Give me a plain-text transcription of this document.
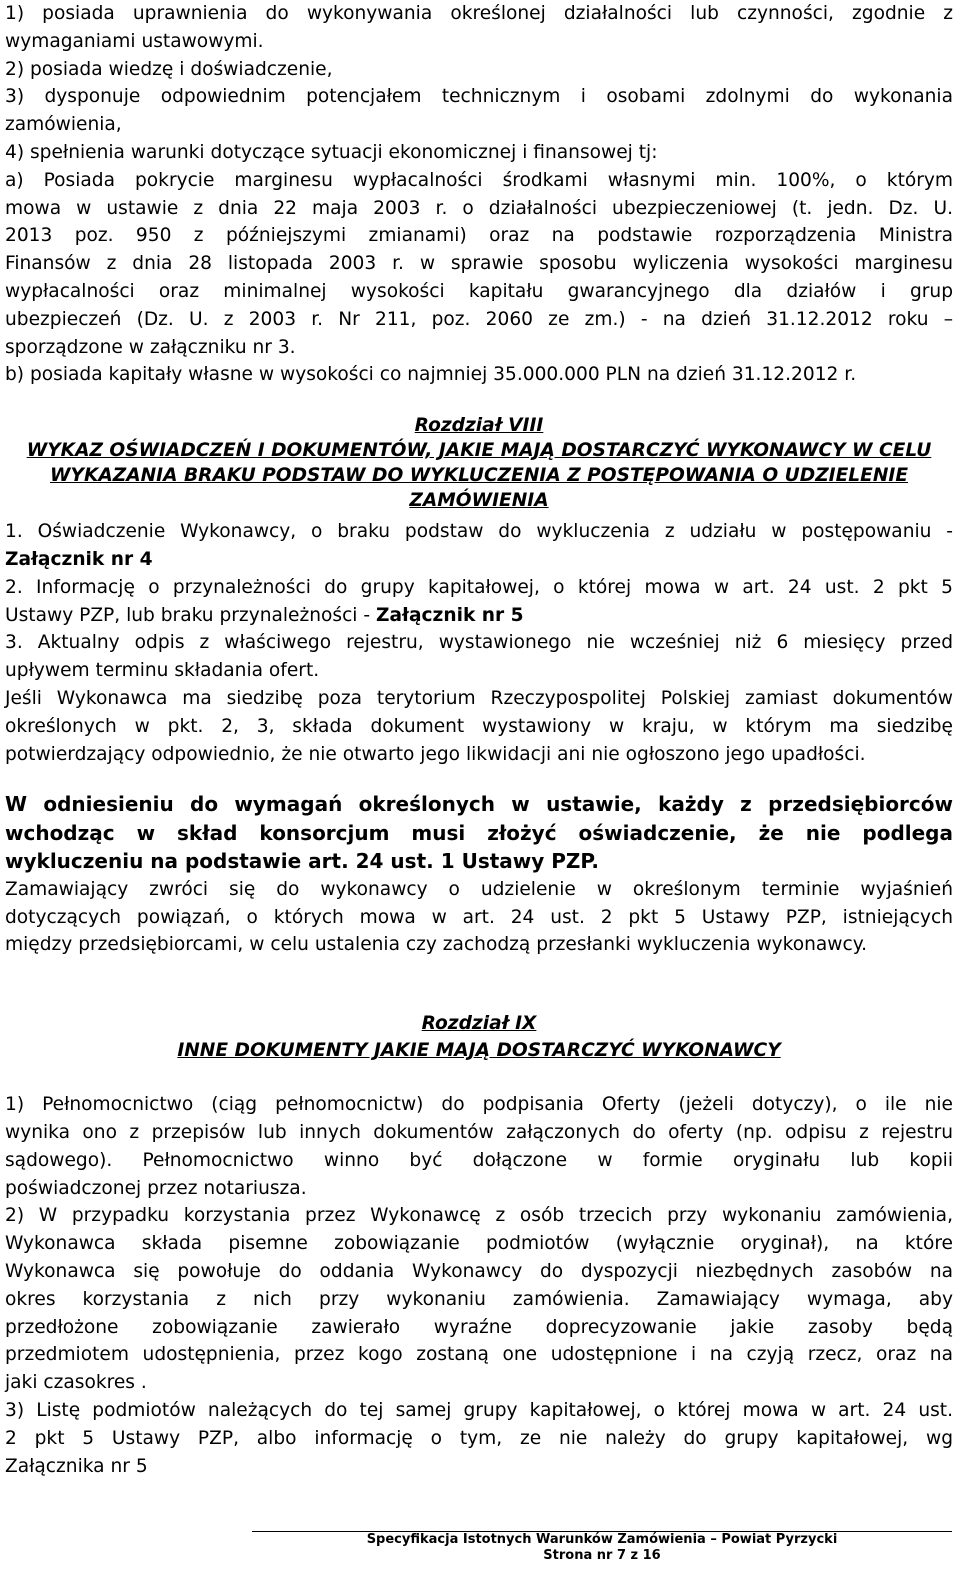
1) posiada uprawnienia do wykonywania określonej działalności lub czynności, zgodnie z

wymaganiami ustawowymi.

2) posiada wiedzę i doświadczenie,

3) dysponuje odpowiednim potencjałem technicznym i osobami zdolnymi do wykonania

zamówienia,

4) spełnienia warunki dotyczące sytuacji ekonomicznej i finansowej tj:

a) Posiada pokrycie marginesu wypłacalności środkami własnymi min. 100%, o którym

mowa w ustawie z dnia 22 maja 2003 r. o działalności ubezpieczeniowej (t. jedn. Dz. U.

2013 poz. 950 z późniejszymi zmianami) oraz na podstawie rozporządzenia Ministra

Finansów z dnia 28 listopada 2003 r. w sprawie sposobu wyliczenia wysokości marginesu

wypłacalności oraz minimalnej wysokości kapitału gwarancyjnego dla działów i grup

ubezpieczeń (Dz. U. z 2003 r. Nr 211, poz. 2060 ze zm.) - na dzień 31.12.2012 roku –

sporządzone w załączniku nr 3.

b) posiada kapitały własne w wysokości co najmniej 35.000.000 PLN na dzień 31.12.2012 r.

Rozdział VIII

WYKAZ OŚWIADCZEŃ I DOKUMENTÓW, JAKIE MAJĄ DOSTARCZYĆ WYKONAWCY W CELU

WYKAZANIA BRAKU PODSTAW DO WYKLUCZENIA Z POSTĘPOWANIA O UDZIELENIE

ZAMÓWIENIA

1. Oświadczenie Wykonawcy, o braku podstaw do wykluczenia z udziału w postępowaniu -

Załącznik nr 4

2. Informację o przynależności do grupy kapitałowej, o której mowa w art. 24 ust. 2 pkt 5

Ustawy PZP, lub braku przynależności - Załącznik nr 5

3. Aktualny odpis z właściwego rejestru, wystawionego nie wcześniej niż 6 miesięcy przed

upływem terminu składania ofert.

Jeśli Wykonawca ma siedzibę poza terytorium Rzeczypospolitej Polskiej zamiast dokumentów

określonych w pkt. 2, 3, składa dokument wystawiony w kraju, w którym ma siedzibę

potwierdzający odpowiednio, że nie otwarto jego likwidacji ani nie ogłoszono jego upadłości.

W odniesieniu do wymagań określonych w ustawie, każdy z przedsiębiorców

wchodząc w skład konsorcjum musi złożyć oświadczenie, że nie podlega

wykluczeniu na podstawie art. 24 ust. 1 Ustawy PZP.

Zamawiający zwróci się do wykonawcy o udzielenie w określonym terminie wyjaśnień

dotyczących powiązań, o których mowa w art. 24 ust. 2 pkt 5 Ustawy PZP, istniejących

między przedsiębiorcami, w celu ustalenia czy zachodzą przesłanki wykluczenia wykonawcy.

Rozdział IX

INNE DOKUMENTY JAKIE MAJĄ DOSTARCZYĆ WYKONAWCY

1) Pełnomocnictwo (ciąg pełnomocnictw) do podpisania Oferty (jeżeli dotyczy), o ile nie

wynika ono z przepisów lub innych dokumentów załączonych do oferty (np. odpisu z rejestru

sądowego). Pełnomocnictwo winno być dołączone w formie oryginału lub kopii

poświadczonej przez notariusza.

2) W przypadku korzystania przez Wykonawcę z osób trzecich przy wykonaniu zamówienia,

Wykonawca składa pisemne zobowiązanie podmiotów (wyłącznie oryginał), na które

Wykonawca się powołuje do oddania Wykonawcy do dyspozycji niezbędnych zasobów na

okres korzystania z nich przy wykonaniu zamówienia. Zamawiający wymaga, aby

przedłożone zobowiązanie zawierało wyraźne doprecyzowanie jakie zasoby będą

przedmiotem udostępnienia, przez kogo zostaną one udostępnione i na czyją rzecz, oraz na

jaki czasokres .

3) Listę podmiotów należących do tej samej grupy kapitałowej, o której mowa w art. 24 ust.

2 pkt 5 Ustawy PZP, albo informację o tym, ze nie należy do grupy kapitałowej, wg

Załącznika nr 5

Specyfikacja Istotnych Warunków Zamówienia – Powiat Pyrzycki
Strona nr 7 z 16
